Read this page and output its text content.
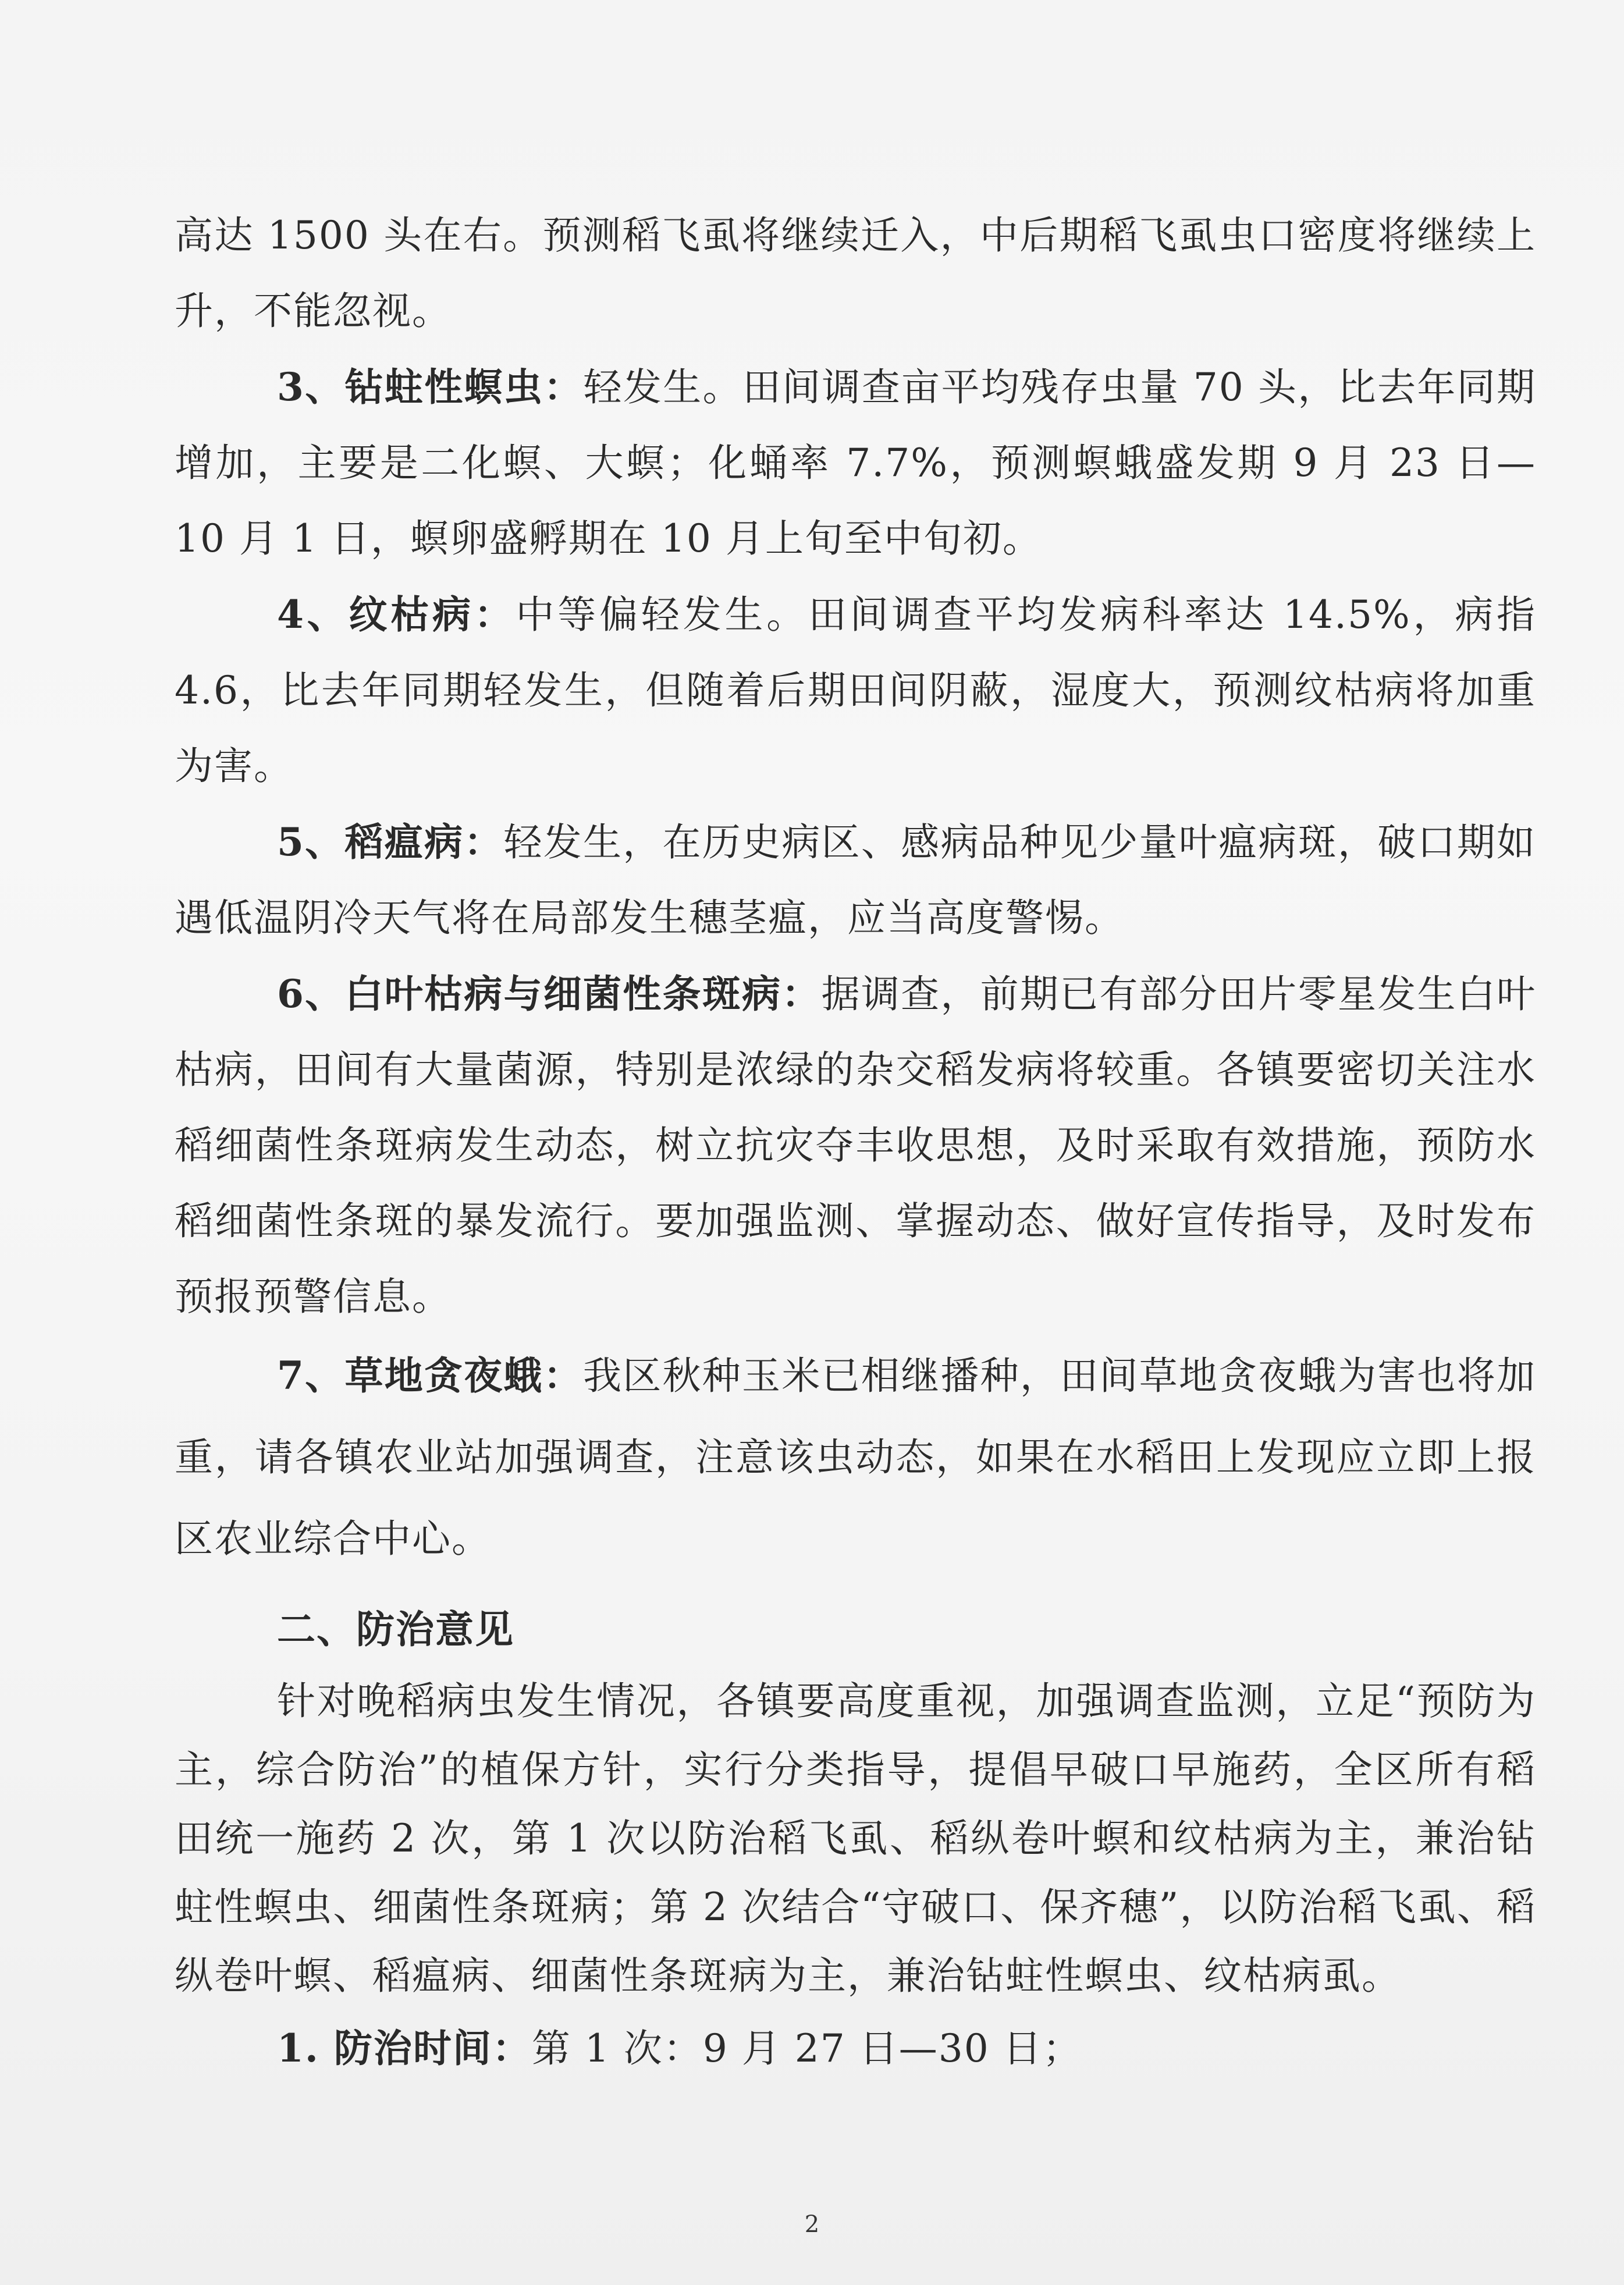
高达 1500 头在右。预测稻飞虱将继续迁入，中后期稻飞虱虫口密度将继续上升，不能忽视。

3、钻蛀性螟虫：轻发生。田间调查亩平均残存虫量 70 头，比去年同期增加，主要是二化螟、大螟；化蛹率 7.7%，预测螟蛾盛发期 9 月 23 日—10 月 1 日，螟卵盛孵期在 10 月上旬至中旬初。

4、纹枯病：中等偏轻发生。田间调查平均发病科率达 14.5%，病指 4.6，比去年同期轻发生，但随着后期田间阴蔽，湿度大，预测纹枯病将加重为害。

5、稻瘟病：轻发生，在历史病区、感病品种见少量叶瘟病斑，破口期如遇低温阴冷天气将在局部发生穗茎瘟，应当高度警惕。

6、白叶枯病与细菌性条斑病：据调查，前期已有部分田片零星发生白叶枯病，田间有大量菌源，特别是浓绿的杂交稻发病将较重。各镇要密切关注水稻细菌性条斑病发生动态，树立抗灾夺丰收思想，及时采取有效措施，预防水稻细菌性条斑的暴发流行。要加强监测、掌握动态、做好宣传指导，及时发布预报预警信息。

7、草地贪夜蛾：我区秋种玉米已相继播种，田间草地贪夜蛾为害也将加重，请各镇农业站加强调查，注意该虫动态，如果在水稻田上发现应立即上报区农业综合中心。

二、防治意见

针对晚稻病虫发生情况，各镇要高度重视，加强调查监测，立足“预防为主，综合防治”的植保方针，实行分类指导，提倡早破口早施药，全区所有稻田统一施药 2 次，第 1 次以防治稻飞虱、稻纵卷叶螟和纹枯病为主，兼治钻蛀性螟虫、细菌性条斑病；第 2 次结合“守破口、保齐穗”，以防治稻飞虱、稻纵卷叶螟、稻瘟病、细菌性条斑病为主，兼治钻蛀性螟虫、纹枯病虱。

1. 防治时间：第 1 次：9 月 27 日—30 日；

2
